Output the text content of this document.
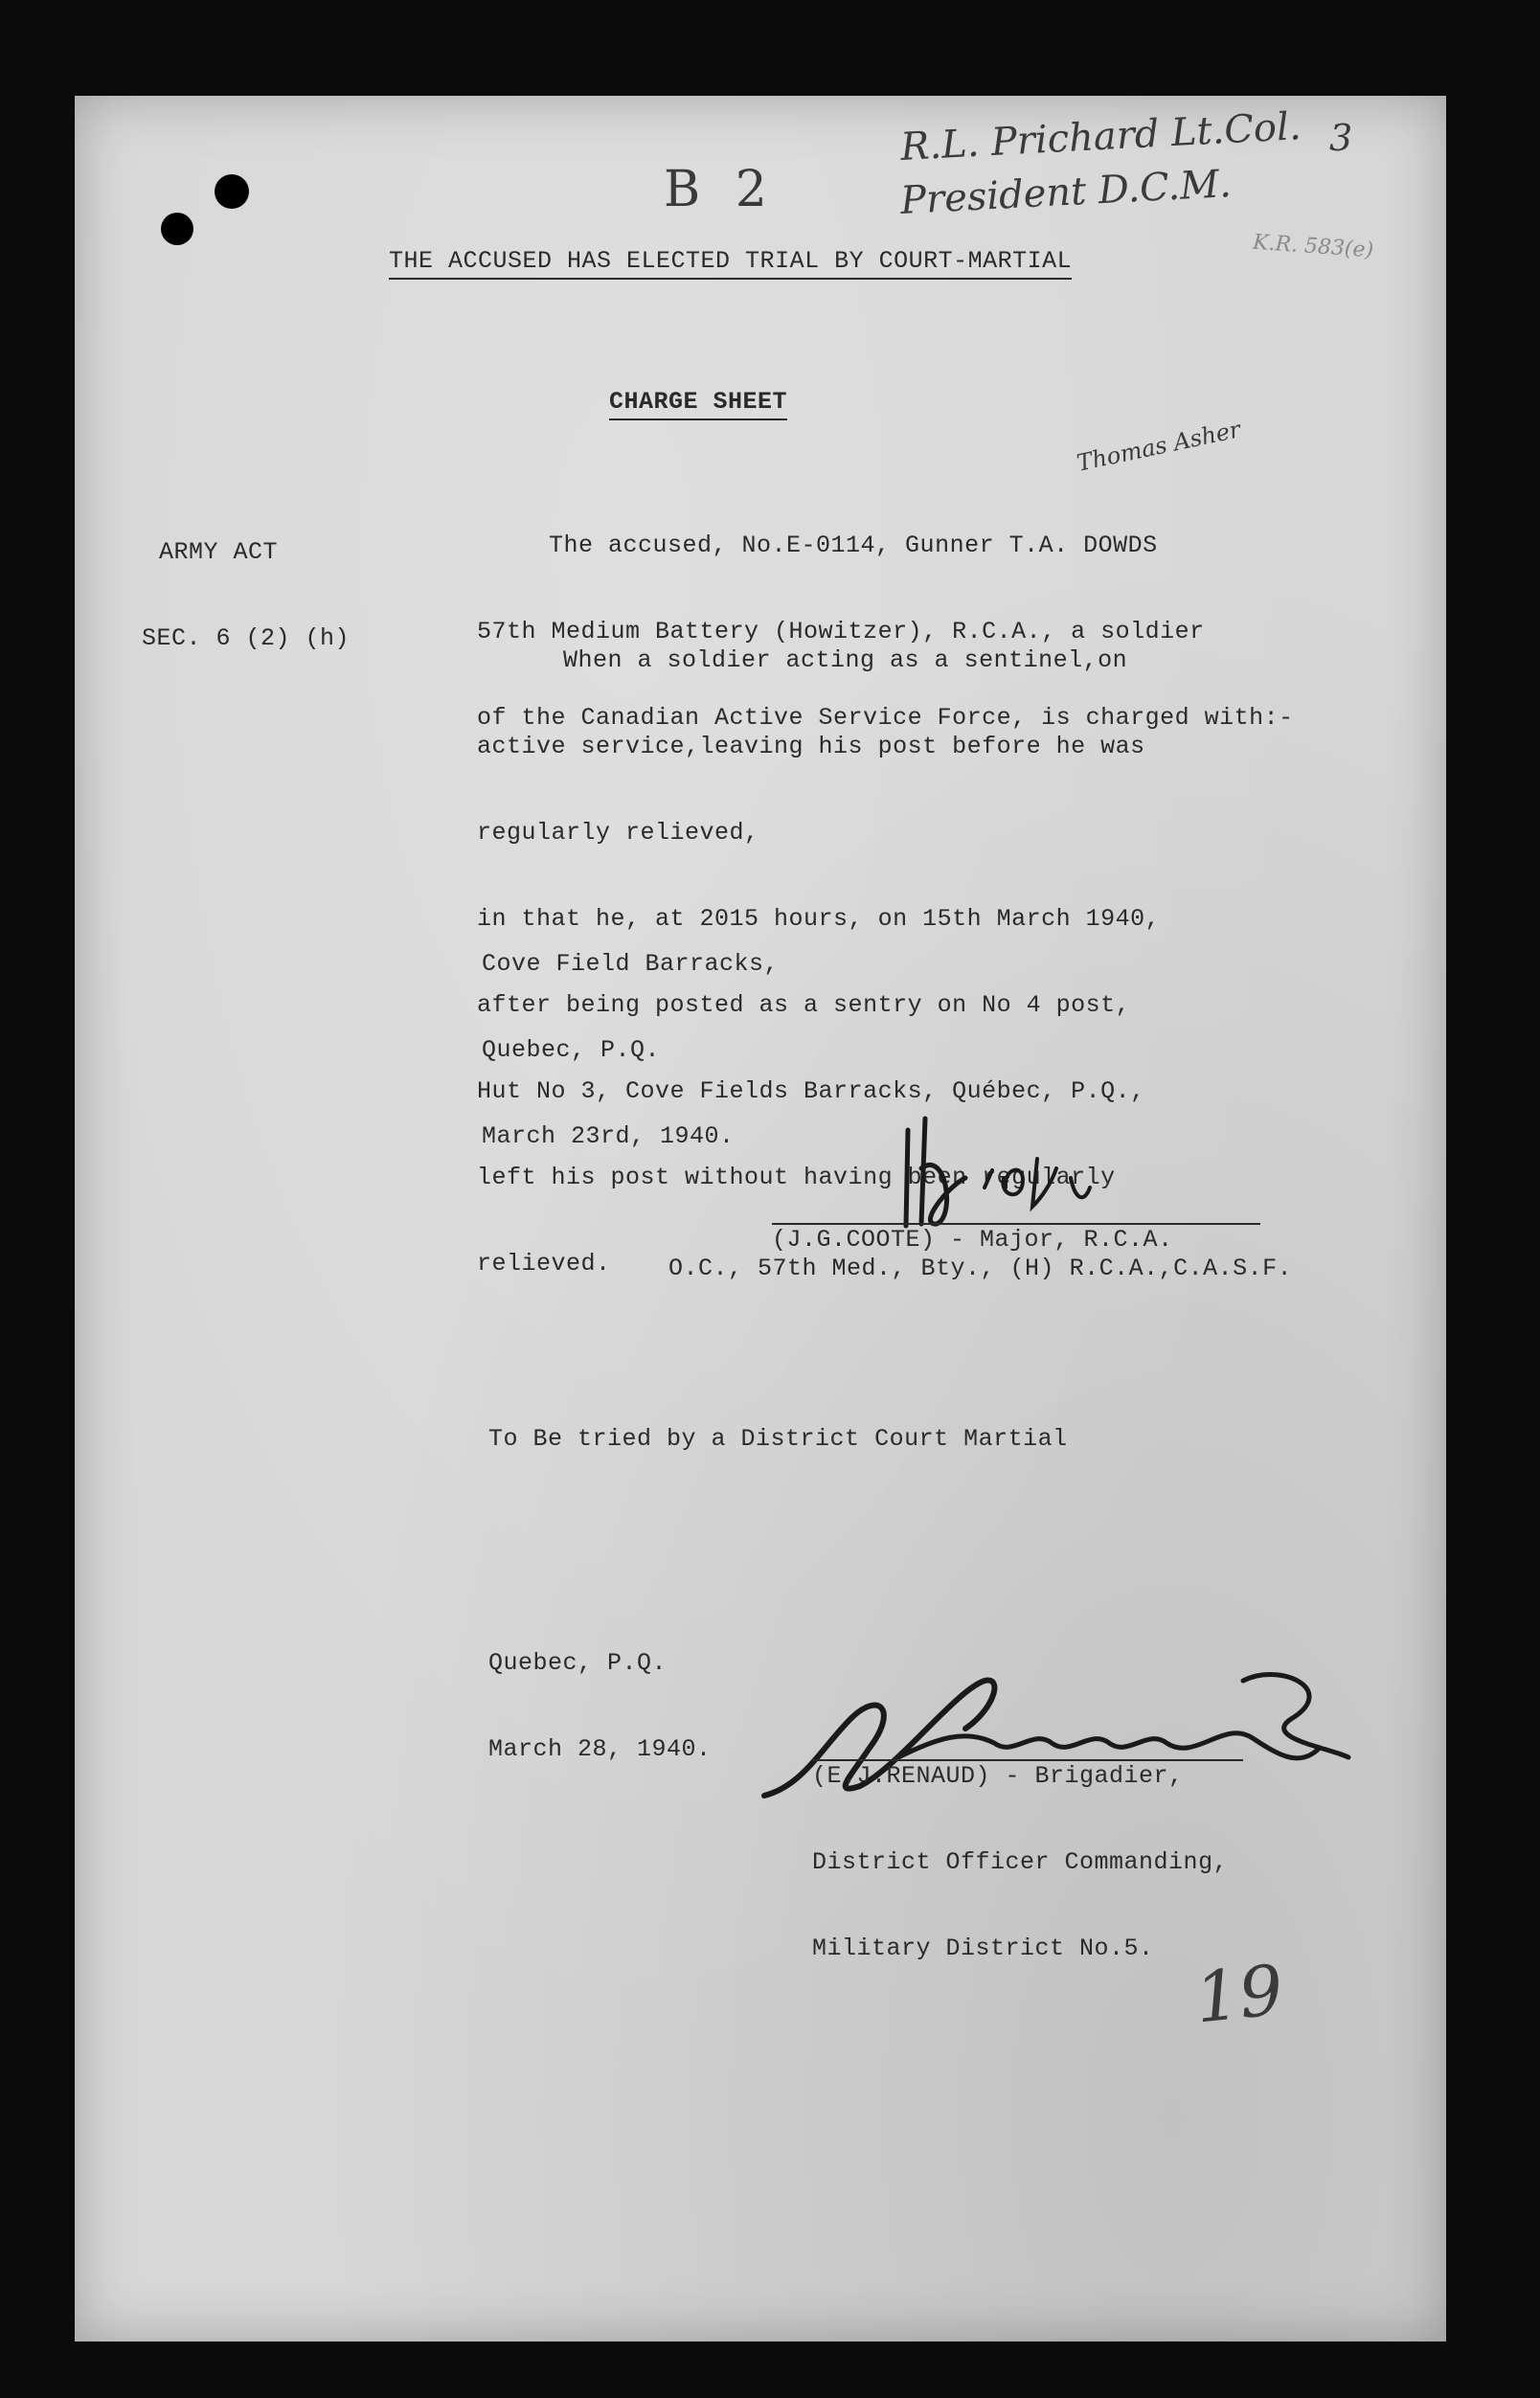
B 2
R.L. Prichard Lt.Col.
President D.C.M.
3
K.R. 583(e)
THE ACCUSED HAS ELECTED TRIAL BY COURT-MARTIAL
CHARGE SHEET

ARMY ACT

SEC. 6 (2) (h)

Thomas Asher

The accused, No.E-0114, Gunner T.A. DOWDS

57th Medium Battery (Howitzer), R.C.A., a soldier

of the Canadian Active Service Force, is charged with:-

When a soldier acting as a sentinel,on

active service,leaving his post before he was

regularly relieved,

in that he, at 2015 hours, on 15th March 1940,

after being posted as a sentry on No 4 post,

Hut No 3, Cove Fields Barracks, Québec, P.Q.,

left his post without having been regularly

relieved.

Cove Field Barracks,

Quebec, P.Q.

March 23rd, 1940.

(J.G.COOTE) - Major, R.C.A.
O.C., 57th Med., Bty., (H) R.C.A.,C.A.S.F.
To Be tried by a District Court Martial

Quebec, P.Q.

March 28, 1940.

(E.J.RENAUD) - Brigadier,

District Officer Commanding,

Military District No.5.

19
